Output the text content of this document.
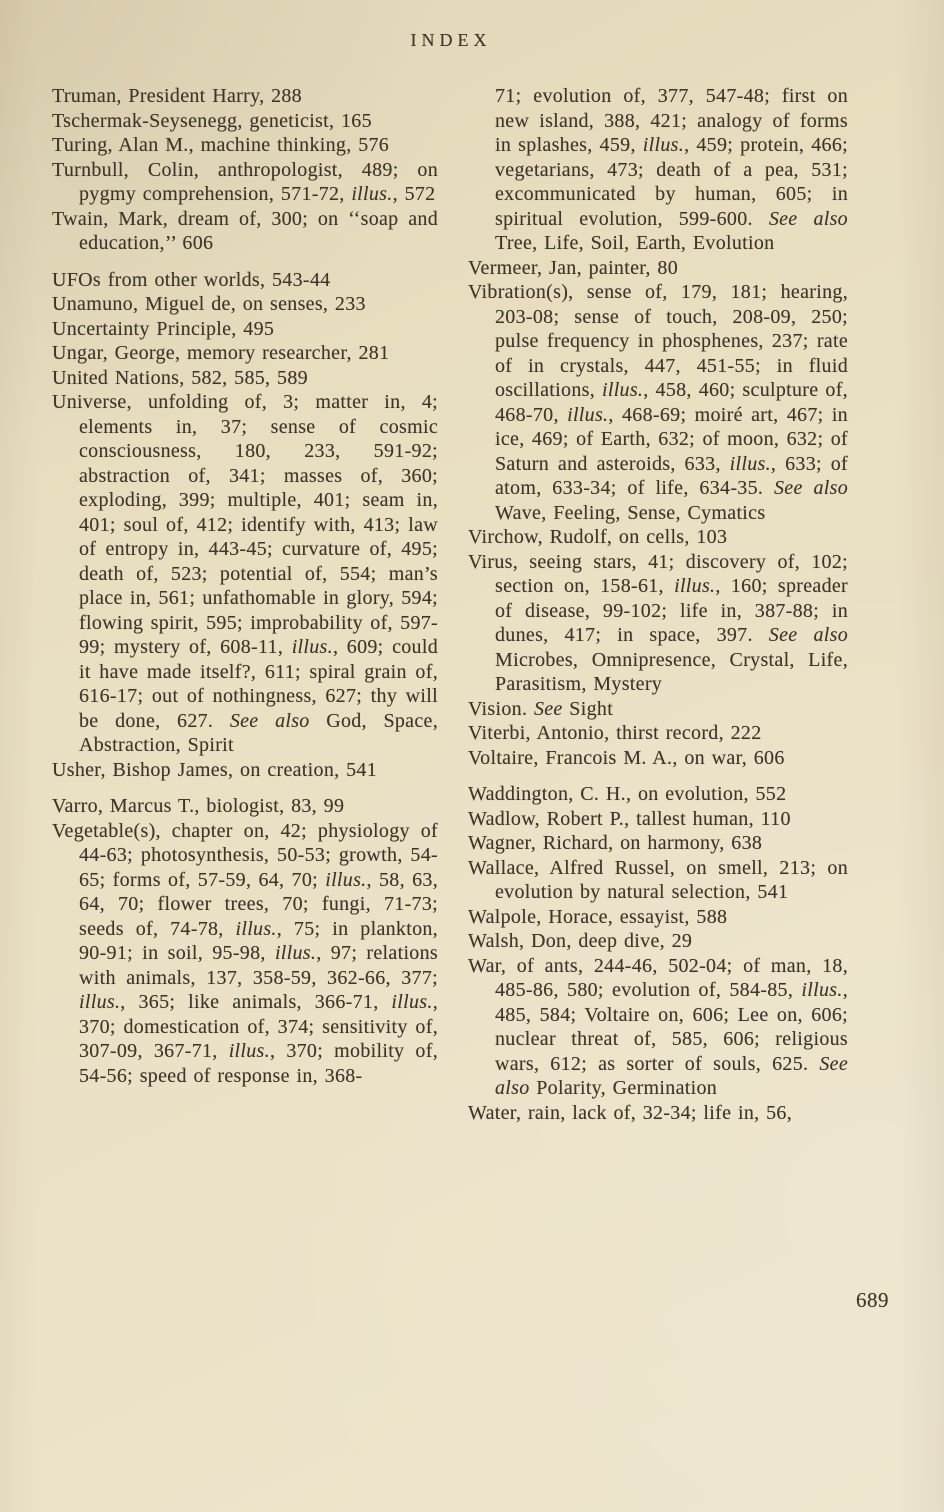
INDEX

Truman, President Harry, 288

Tschermak-Seysenegg, geneticist, 165

Turing, Alan M., machine thinking, 576

Turnbull, Colin, anthropologist, 489; on pygmy comprehension, 571-72, illus., 572

Twain, Mark, dream of, 300; on ‘‘soap and education,’’ 606

UFOs from other worlds, 543-44

Unamuno, Miguel de, on senses, 233

Uncertainty Principle, 495

Ungar, George, memory researcher, 281

United Nations, 582, 585, 589

Universe, unfolding of, 3; matter in, 4; elements in, 37; sense of cosmic consciousness, 180, 233, 591-92; abstraction of, 341; masses of, 360; exploding, 399; multiple, 401; seam in, 401; soul of, 412; identify with, 413; law of entropy in, 443-45; curvature of, 495; death of, 523; potential of, 554; man’s place in, 561; unfathomable in glory, 594; flowing spirit, 595; improbability of, 597-99; mystery of, 608-11, illus., 609; could it have made itself?, 611; spiral grain of, 616-17; out of nothingness, 627; thy will be done, 627. See also God, Space, Abstraction, Spirit

Usher, Bishop James, on creation, 541

Varro, Marcus T., biologist, 83, 99

Vegetable(s), chapter on, 42; physiology of 44-63; photosynthesis, 50-53; growth, 54-65; forms of, 57-59, 64, 70; illus., 58, 63, 64, 70; flower trees, 70; fungi, 71-73; seeds of, 74-78, illus., 75; in plankton, 90-91; in soil, 95-98, illus., 97; relations with animals, 137, 358-59, 362-66, 377; illus., 365; like animals, 366-71, illus., 370; domestication of, 374; sensitivity of, 307-09, 367-71, illus., 370; mobility of, 54-56; speed of response in, 368-

71; evolution of, 377, 547-48; first on new island, 388, 421; analogy of forms in splashes, 459, illus., 459; protein, 466; vegetarians, 473; death of a pea, 531; excommunicated by human, 605; in spiritual evolution, 599-600. See also Tree, Life, Soil, Earth, Evolution

Vermeer, Jan, painter, 80

Vibration(s), sense of, 179, 181; hearing, 203-08; sense of touch, 208-09, 250; pulse frequency in phosphenes, 237; rate of in crystals, 447, 451-55; in fluid oscillations, illus., 458, 460; sculpture of, 468-70, illus., 468-69; moiré art, 467; in ice, 469; of Earth, 632; of moon, 632; of Saturn and asteroids, 633, illus., 633; of atom, 633-34; of life, 634-35. See also Wave, Feeling, Sense, Cymatics

Virchow, Rudolf, on cells, 103

Virus, seeing stars, 41; discovery of, 102; section on, 158-61, illus., 160; spreader of disease, 99-102; life in, 387-88; in dunes, 417; in space, 397. See also Microbes, Omnipresence, Crystal, Life, Parasitism, Mystery

Vision. See Sight

Viterbi, Antonio, thirst record, 222

Voltaire, Francois M. A., on war, 606

Waddington, C. H., on evolution, 552

Wadlow, Robert P., tallest human, 110

Wagner, Richard, on harmony, 638

Wallace, Alfred Russel, on smell, 213; on evolution by natural selection, 541

Walpole, Horace, essayist, 588

Walsh, Don, deep dive, 29

War, of ants, 244-46, 502-04; of man, 18, 485-86, 580; evolution of, 584-85, illus., 485, 584; Voltaire on, 606; Lee on, 606; nuclear threat of, 585, 606; religious wars, 612; as sorter of souls, 625. See also Polarity, Germination

Water, rain, lack of, 32-34; life in, 56,

689
